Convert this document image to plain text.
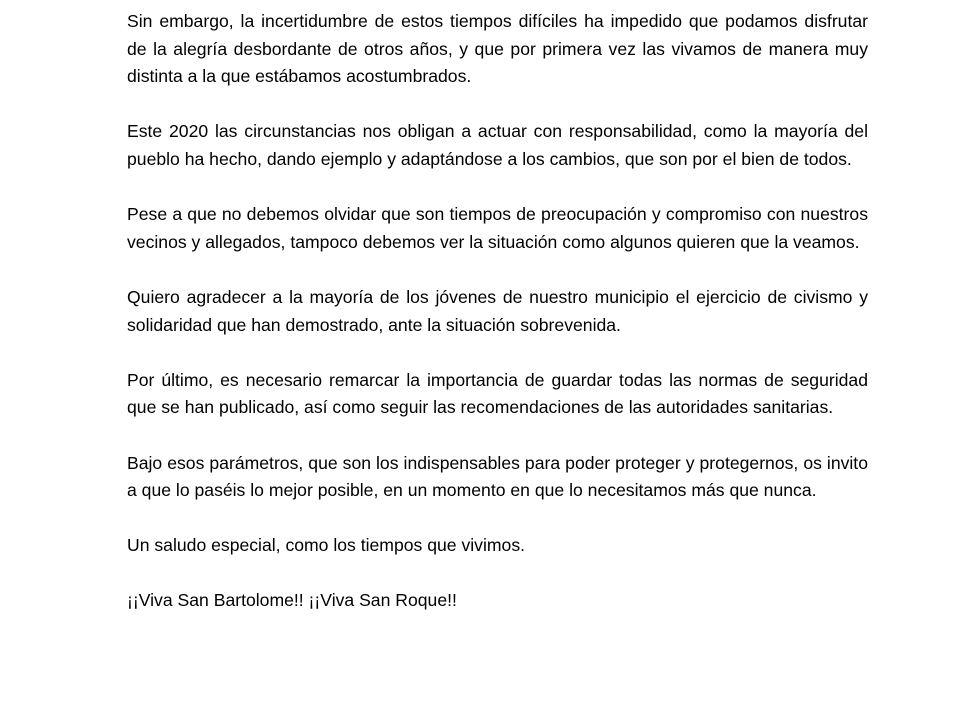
Sin embargo, la incertidumbre de estos tiempos difíciles ha impedido que podamos disfrutar de la alegría desbordante de otros años, y que por primera vez las vivamos de manera muy distinta a la que estábamos acostumbrados.

Este 2020 las circunstancias nos obligan a actuar con responsabilidad, como la mayoría del pueblo ha hecho, dando ejemplo y adaptándose a los cambios, que son por el bien de todos.

Pese a que no debemos olvidar que son tiempos de preocupación y compromiso con nuestros vecinos y allegados, tampoco debemos ver la situación como algunos quieren que la veamos.

Quiero agradecer a la mayoría de los jóvenes de nuestro municipio el ejercicio de civismo y solidaridad que han demostrado, ante la situación sobrevenida.

Por último, es necesario remarcar la importancia de guardar todas las normas de seguridad que se han publicado, así como seguir las recomendaciones de las autoridades sanitarias.

Bajo esos parámetros, que son los indispensables para poder proteger y protegernos, os invito a que lo paséis lo mejor posible, en un momento en que lo necesitamos más que nunca.

Un saludo especial, como los tiempos que vivimos.

¡¡Viva San Bartolome!! ¡¡Viva San Roque!!
